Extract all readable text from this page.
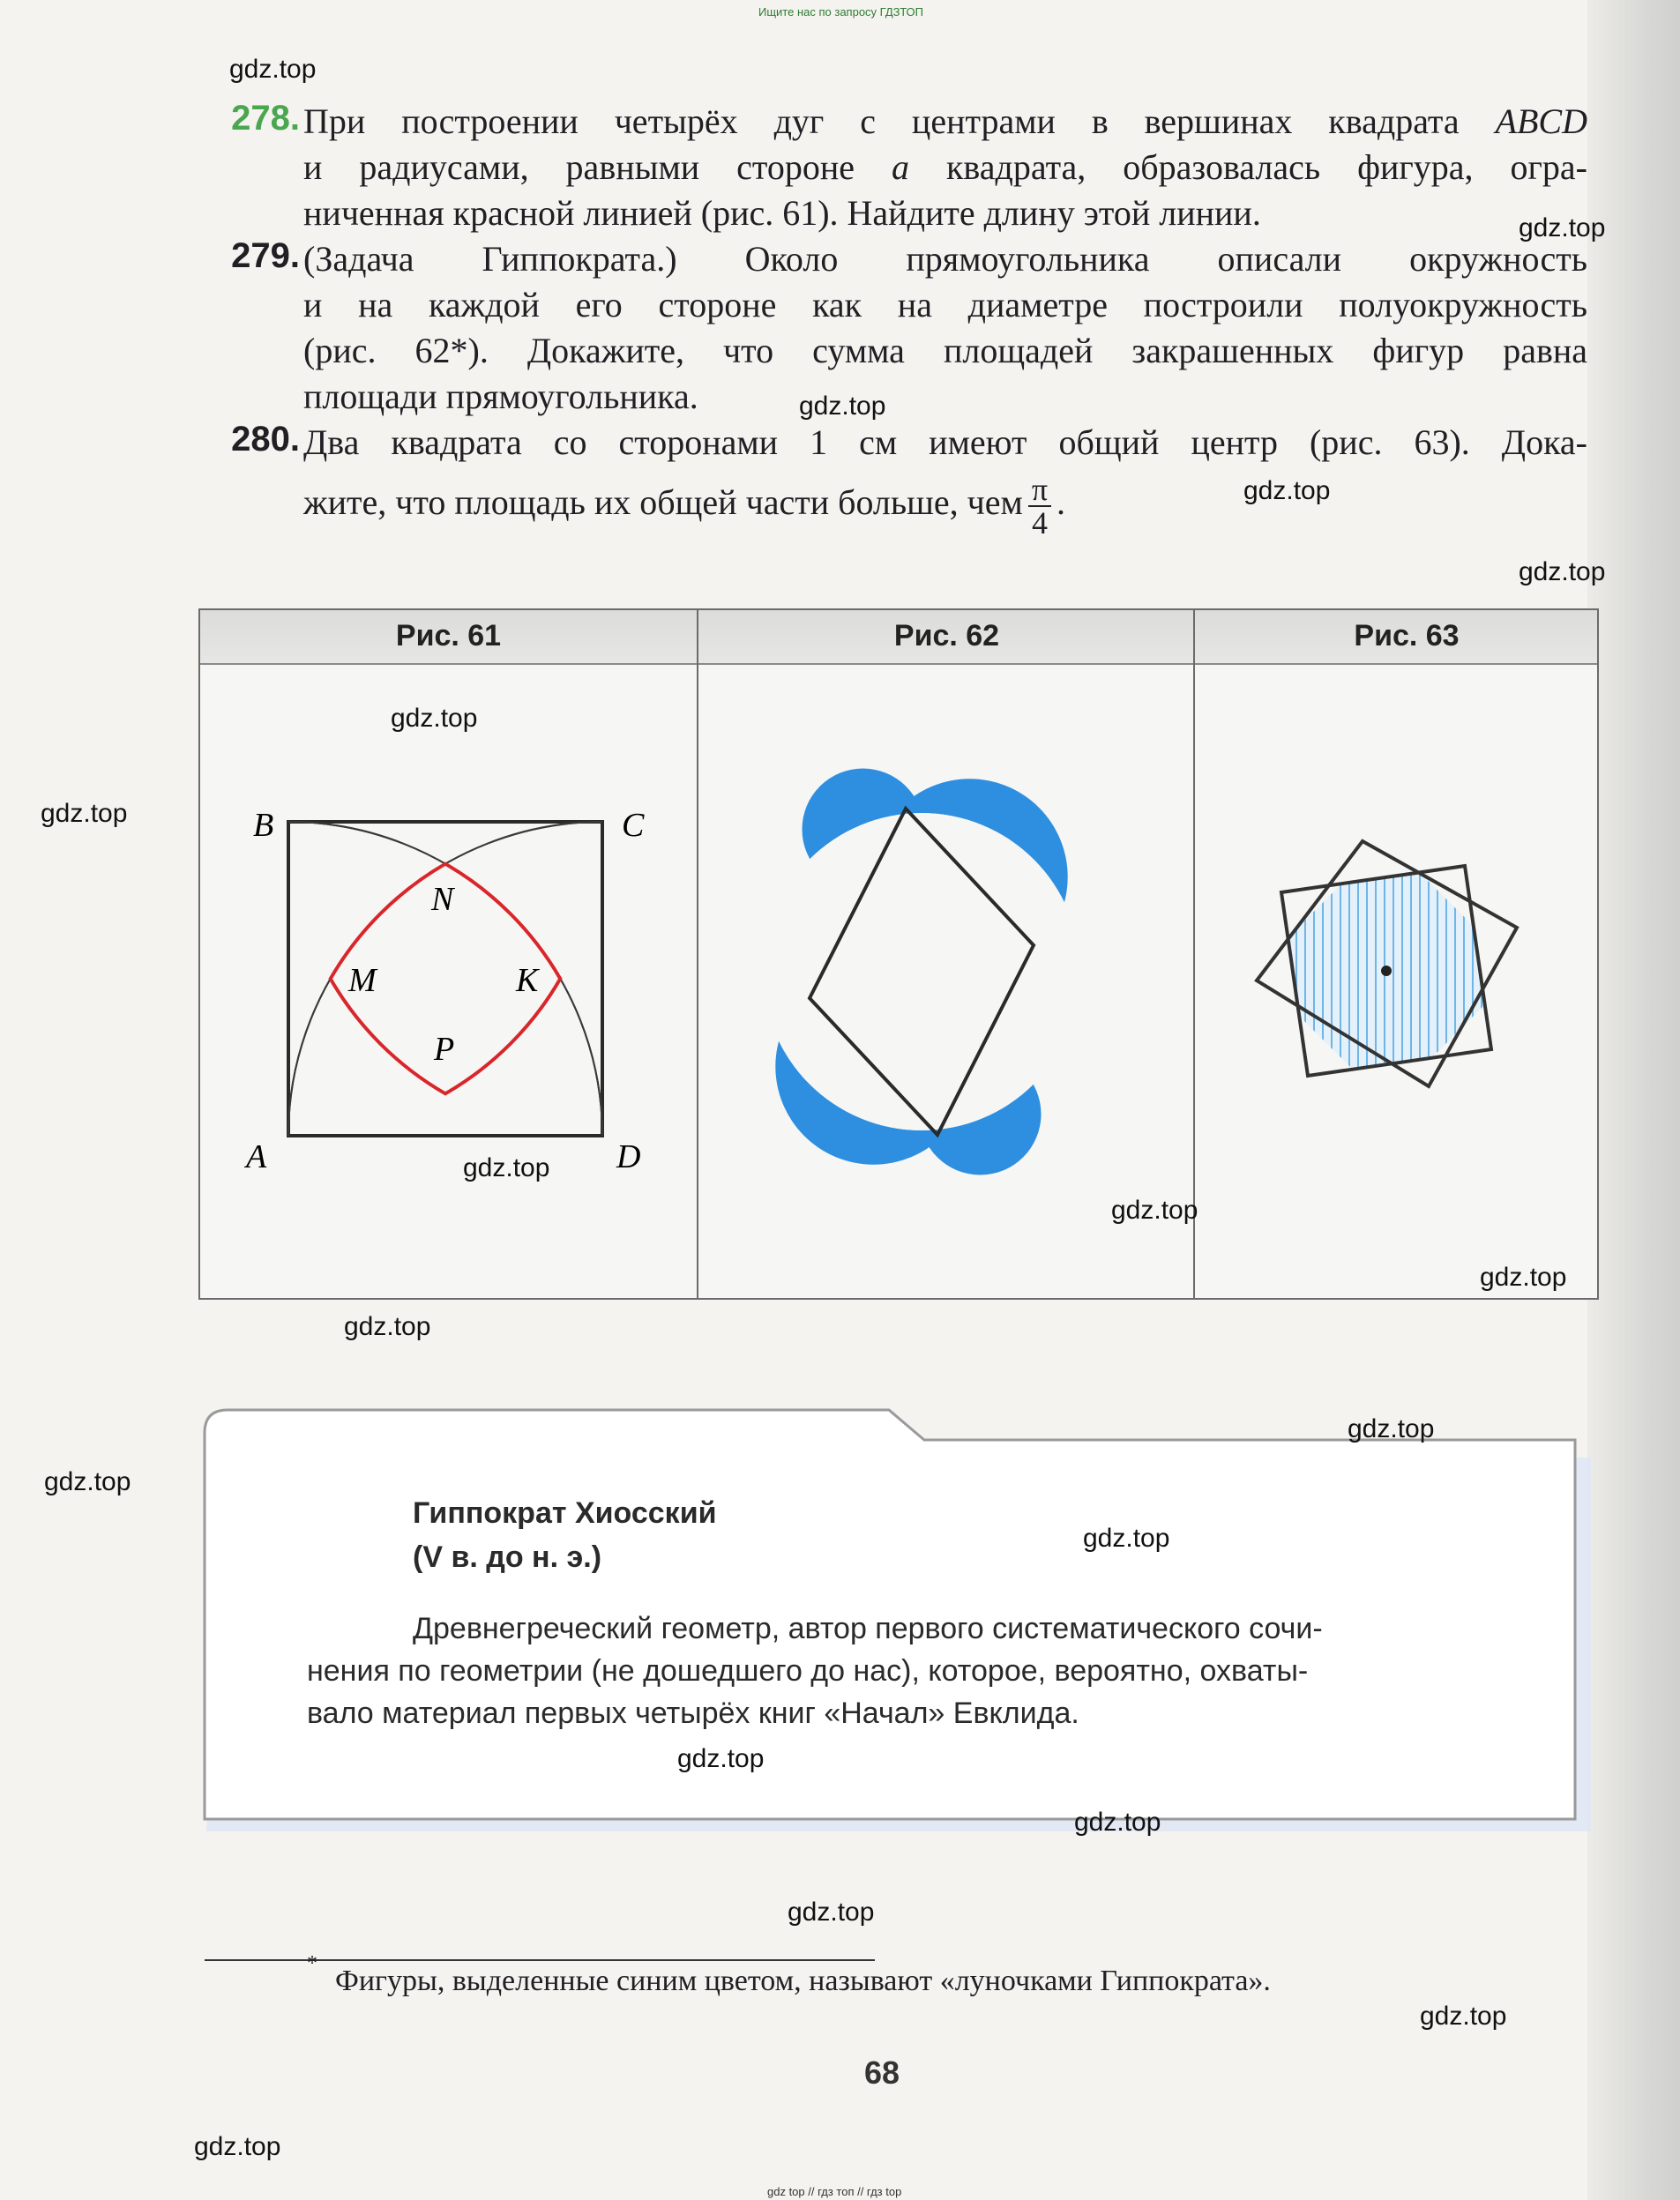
Ищите нас по запросу ГДЗТОП
278. При построении четырёх дуг с центрами в вершинах квадрата ABCD
и радиусами, равными стороне a квадрата, образовалась фигура, огра-
ниченная красной линией (рис. 61). Найдите длину этой линии.
279. (Задача Гиппократа.) Около прямоугольника описали окружность
и на каждой его стороне как на диаметре построили полуокружность
(рис. 62*). Докажите, что сумма площадей закрашенных фигур равна
площади прямоугольника.
280. Два квадрата со сторонами 1 см имеют общий центр (рис. 63). Дока-
жите, что площадь их общей части больше, чем $\frac{\pi}{4}$ .
Рис. 61
B	C
A	D
N
M	K
P
Рис. 62	Рис. 63
Гиппократ Хиосский
(V в. до н. э.)
Древнегреческий геометр, автор первого систематического сочи-
нения по геометрии (не дошедшего до нас), которое, вероятно, охваты-
вало материал первых четырёх книг «Начал» Евклида.
*
Фигуры, выделенные синим цветом, называют «луночками Гиппократа».
68
gdz top // гдз топ // гдз top
gdz.top
gdz.top
gdz.top
gdz.top
gdz.top
gdz.top
gdz.top
gdz.top
gdz.top
gdz.top
gdz.top
gdz.top
gdz.top
gdz.top
gdz.top
gdz.top
gdz.top
gdz.top
gdz.top
